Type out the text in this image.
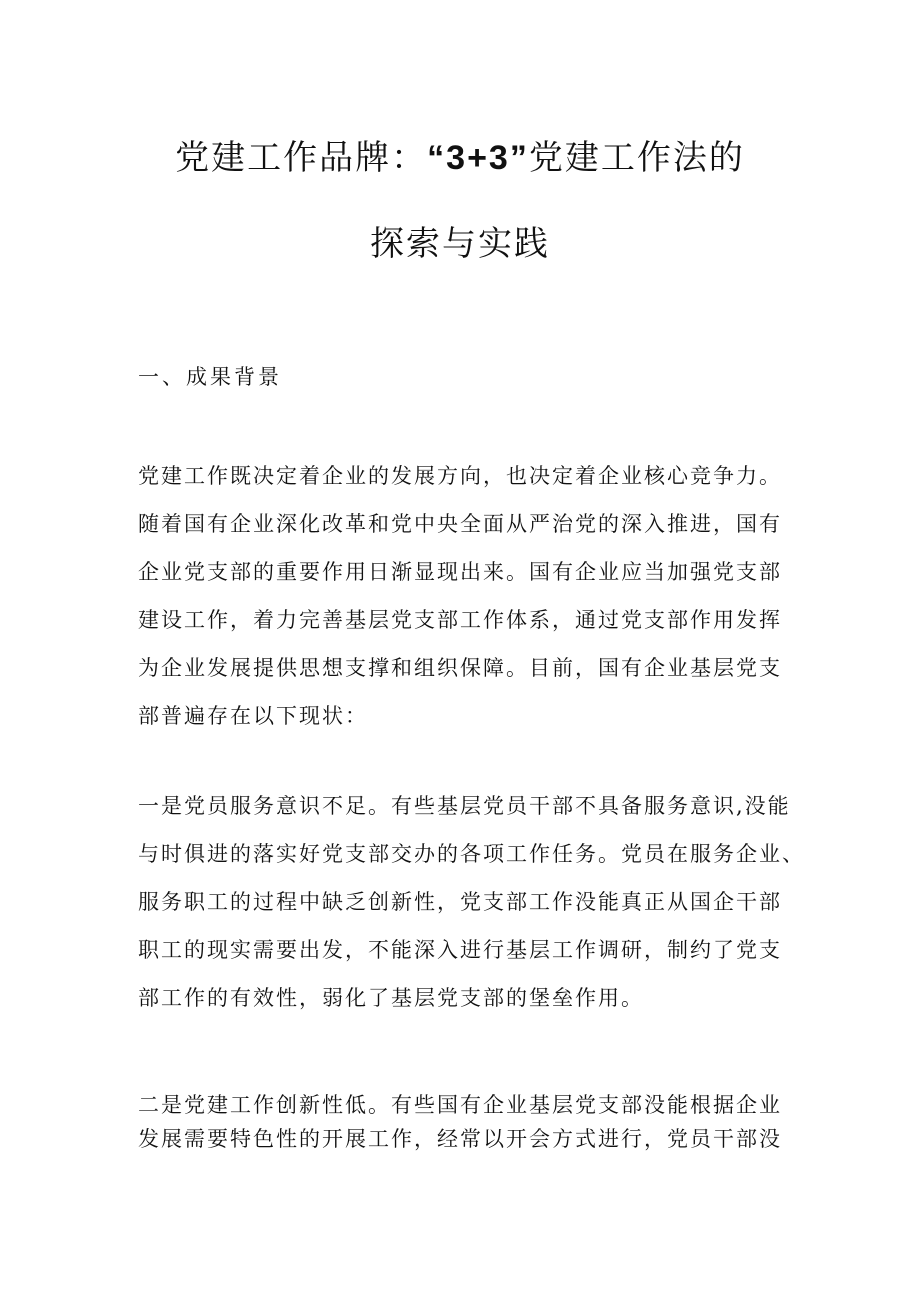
党建工作品牌：“3+3”党建工作法的
探索与实践
一、成果背景
党建工作既决定着企业的发展方向，也决定着企业核心竞争力。
随着国有企业深化改革和党中央全面从严治党的深入推进，国有
企业党支部的重要作用日渐显现出来。国有企业应当加强党支部
建设工作，着力完善基层党支部工作体系，通过党支部作用发挥
为企业发展提供思想支撑和组织保障。目前，国有企业基层党支
部普遍存在以下现状：
一是党员服务意识不足。有些基层党员干部不具备服务意识,没能
与时俱进的落实好党支部交办的各项工作任务。党员在服务企业、
服务职工的过程中缺乏创新性，党支部工作没能真正从国企干部
职工的现实需要出发，不能深入进行基层工作调研，制约了党支
部工作的有效性，弱化了基层党支部的堡垒作用。
二是党建工作创新性低。有些国有企业基层党支部没能根据企业
发展需要特色性的开展工作，经常以开会方式进行，党员干部没
